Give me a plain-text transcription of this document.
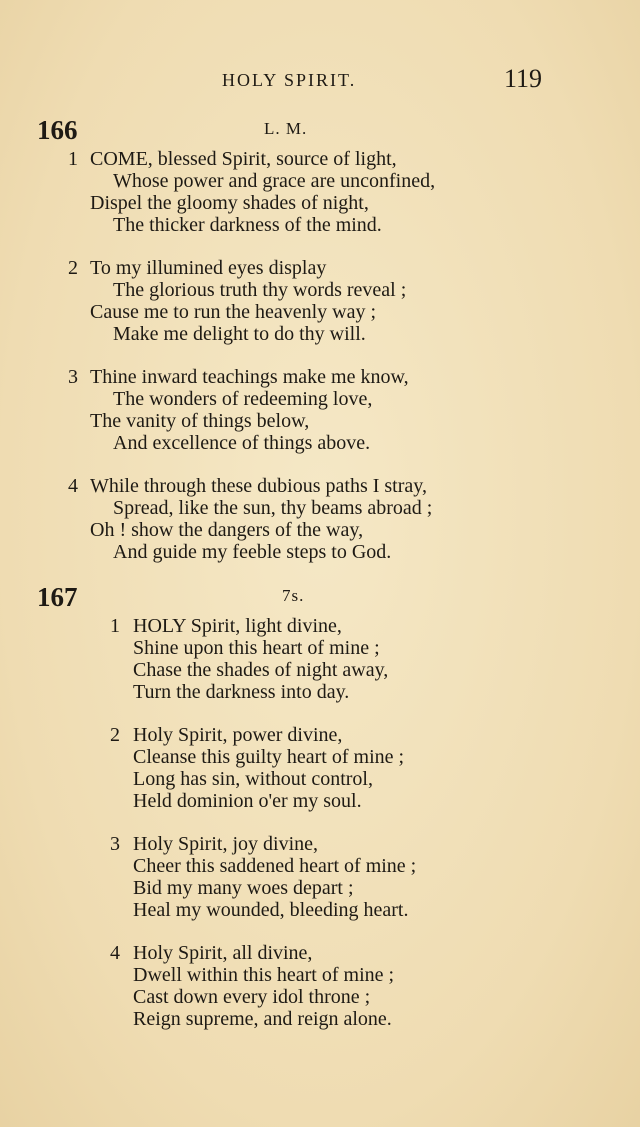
HOLY SPIRIT.	119
166	L. M.
1 COME, blessed Spirit, source of light,
Whose power and grace are unconfined,
Dispel the gloomy shades of night,
The thicker darkness of the mind.
2 To my illumined eyes display
The glorious truth thy words reveal ;
Cause me to run the heavenly way ;
Make me delight to do thy will.
3 Thine inward teachings make me know,
The wonders of redeeming love,
The vanity of things below,
And excellence of things above.
4 While through these dubious paths I stray,
Spread, like the sun, thy beams abroad ;
Oh ! show the dangers of the way,
And guide my feeble steps to God.
167	7s.
1 HOLY Spirit, light divine,
Shine upon this heart of mine ;
Chase the shades of night away,
Turn the darkness into day.
2 Holy Spirit, power divine,
Cleanse this guilty heart of mine ;
Long has sin, without control,
Held dominion o'er my soul.
3 Holy Spirit, joy divine,
Cheer this saddened heart of mine ;
Bid my many woes depart ;
Heal my wounded, bleeding heart.
4 Holy Spirit, all divine,
Dwell within this heart of mine ;
Cast down every idol throne ;
Reign supreme, and reign alone.
